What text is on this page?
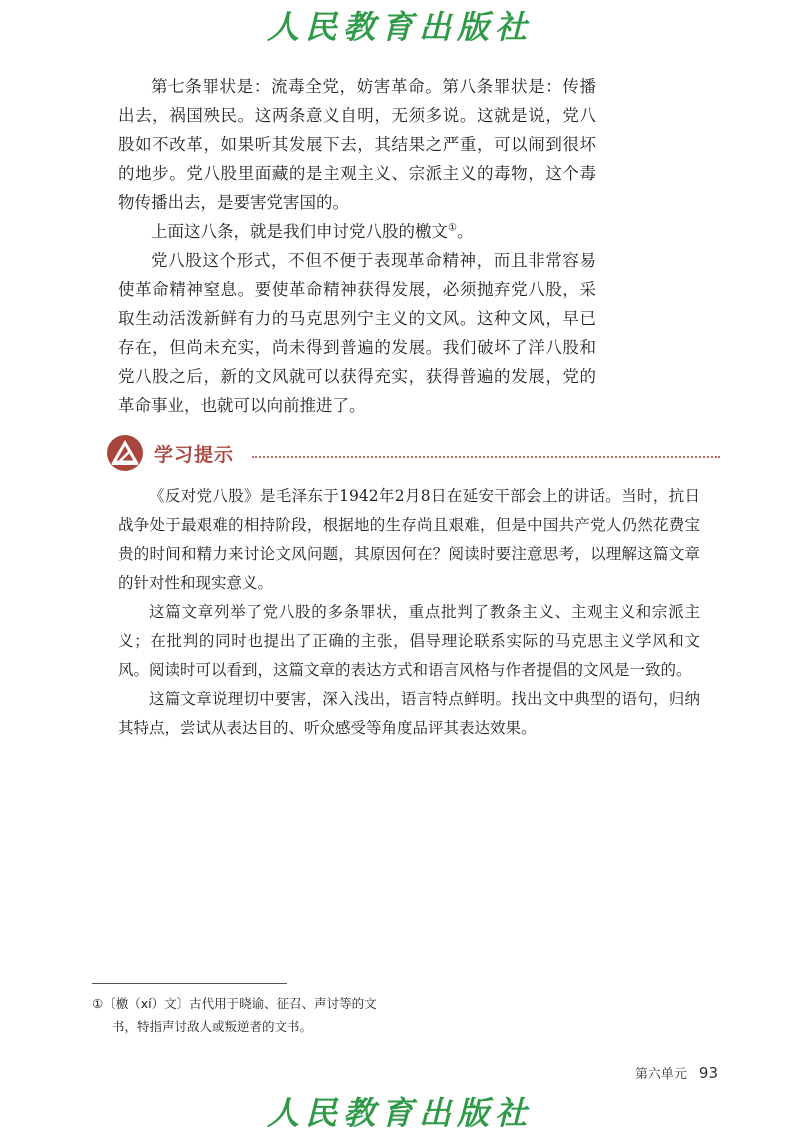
人民教育出版社

第七条罪状是：流毒全党，妨害革命。第八条罪状是：传播出去，祸国殃民。这两条意义自明，无须多说。这就是说，党八股如不改革，如果听其发展下去，其结果之严重，可以闹到很坏的地步。党八股里面藏的是主观主义、宗派主义的毒物，这个毒物传播出去，是要害党害国的。

上面这八条，就是我们申讨党八股的檄文①。

党八股这个形式，不但不便于表现革命精神，而且非常容易使革命精神窒息。要使革命精神获得发展，必须抛弃党八股，采取生动活泼新鲜有力的马克思列宁主义的文风。这种文风，早已存在，但尚未充实，尚未得到普遍的发展。我们破坏了洋八股和党八股之后，新的文风就可以获得充实，获得普遍的发展，党的革命事业，也就可以向前推进了。

学习提示

《反对党八股》是毛泽东于1942年2月8日在延安干部会上的讲话。当时，抗日战争处于最艰难的相持阶段，根据地的生存尚且艰难，但是中国共产党人仍然花费宝贵的时间和精力来讨论文风问题，其原因何在？阅读时要注意思考，以理解这篇文章的针对性和现实意义。

这篇文章列举了党八股的多条罪状，重点批判了教条主义、主观主义和宗派主义；在批判的同时也提出了正确的主张，倡导理论联系实际的马克思主义学风和文风。阅读时可以看到，这篇文章的表达方式和语言风格与作者提倡的文风是一致的。

这篇文章说理切中要害，深入浅出，语言特点鲜明。找出文中典型的语句，归纳其特点，尝试从表达目的、听众感受等角度品评其表达效果。

①〔檄（xí）文〕古代用于晓谕、征召、声讨等的文
书，特指声讨敌人或叛逆者的文书。
第六单元 93
人民教育出版社
